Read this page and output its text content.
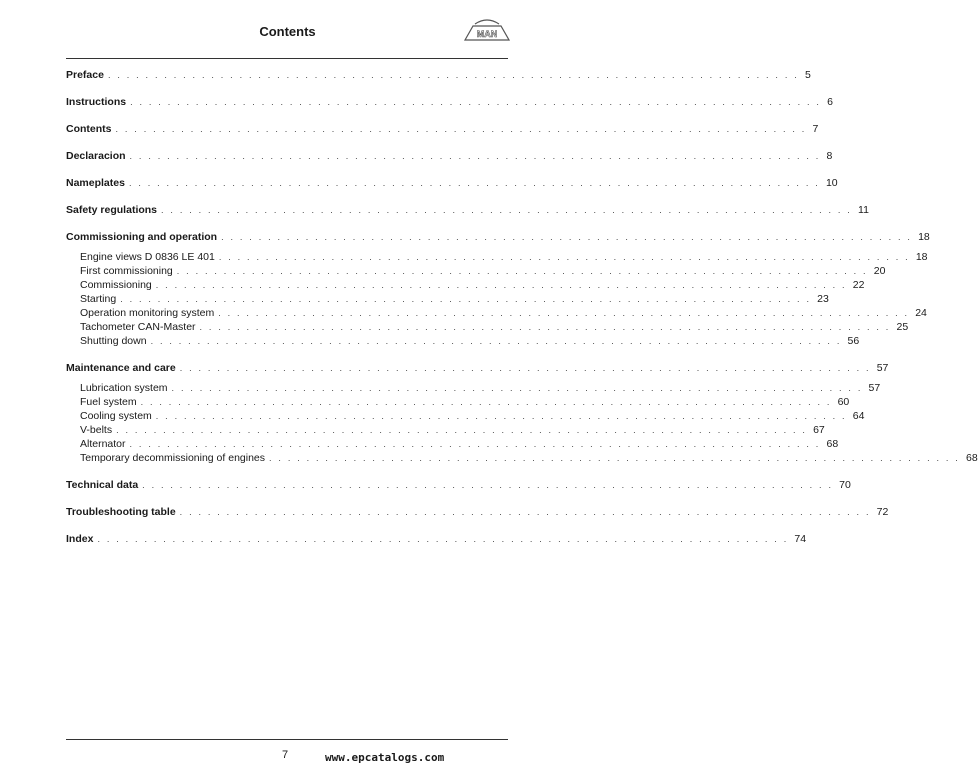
Contents	MAN
Preface . . . . . . . . . . . . . . . . . . . . . . . . . . . . . . . . . . . . . . . . . . . . . . . . . . . . . . . . . . . . . . . . . . . . . . . . . . 5
Instructions . . . . . . . . . . . . . . . . . . . . . . . . . . . . . . . . . . . . . . . . . . . . . . . . . . . . . . . . . . . . . . . . . . . . . . . . . . 6
Contents . . . . . . . . . . . . . . . . . . . . . . . . . . . . . . . . . . . . . . . . . . . . . . . . . . . . . . . . . . . . . . . . . . . . . . . . . . 7
Declaracion . . . . . . . . . . . . . . . . . . . . . . . . . . . . . . . . . . . . . . . . . . . . . . . . . . . . . . . . . . . . . . . . . . . . . . . . . . 8
Nameplates . . . . . . . . . . . . . . . . . . . . . . . . . . . . . . . . . . . . . . . . . . . . . . . . . . . . . . . . . . . . . . . . . . . . . . . . . . 10
Safety regulations . . . . . . . . . . . . . . . . . . . . . . . . . . . . . . . . . . . . . . . . . . . . . . . . . . . . . . . . . . . . . . . . . . . . . . . . . . 11
Commissioning and operation . . . . . . . . . . . . . . . . . . . . . . . . . . . . . . . . . . . . . . . . . . . . . . . . . . . . . . . . . . . . . . . . . . . . . . . . . . 18
Engine views D 0836 LE 401 . . . . . . . . . . . . . . . . . . . . . . . . . . . . . . . . . . . . . . . . . . . . . . . . . . . . . . . . . . . . . . . . . . . . . . . . . . 18
First commissioning . . . . . . . . . . . . . . . . . . . . . . . . . . . . . . . . . . . . . . . . . . . . . . . . . . . . . . . . . . . . . . . . . . . . . . . . . . 20
Commissioning . . . . . . . . . . . . . . . . . . . . . . . . . . . . . . . . . . . . . . . . . . . . . . . . . . . . . . . . . . . . . . . . . . . . . . . . . . 22
Starting . . . . . . . . . . . . . . . . . . . . . . . . . . . . . . . . . . . . . . . . . . . . . . . . . . . . . . . . . . . . . . . . . . . . . . . . . . 23
Operation monitoring system . . . . . . . . . . . . . . . . . . . . . . . . . . . . . . . . . . . . . . . . . . . . . . . . . . . . . . . . . . . . . . . . . . . . . . . . . . 24
Tachometer CAN-Master . . . . . . . . . . . . . . . . . . . . . . . . . . . . . . . . . . . . . . . . . . . . . . . . . . . . . . . . . . . . . . . . . . . . . . . . . . 25
Shutting down . . . . . . . . . . . . . . . . . . . . . . . . . . . . . . . . . . . . . . . . . . . . . . . . . . . . . . . . . . . . . . . . . . . . . . . . . . 56
Maintenance and care . . . . . . . . . . . . . . . . . . . . . . . . . . . . . . . . . . . . . . . . . . . . . . . . . . . . . . . . . . . . . . . . . . . . . . . . . . 57
Lubrication system . . . . . . . . . . . . . . . . . . . . . . . . . . . . . . . . . . . . . . . . . . . . . . . . . . . . . . . . . . . . . . . . . . . . . . . . . . 57
Fuel system . . . . . . . . . . . . . . . . . . . . . . . . . . . . . . . . . . . . . . . . . . . . . . . . . . . . . . . . . . . . . . . . . . . . . . . . . . 60
Cooling system . . . . . . . . . . . . . . . . . . . . . . . . . . . . . . . . . . . . . . . . . . . . . . . . . . . . . . . . . . . . . . . . . . . . . . . . . . 64
V-belts . . . . . . . . . . . . . . . . . . . . . . . . . . . . . . . . . . . . . . . . . . . . . . . . . . . . . . . . . . . . . . . . . . . . . . . . . . 67
Alternator . . . . . . . . . . . . . . . . . . . . . . . . . . . . . . . . . . . . . . . . . . . . . . . . . . . . . . . . . . . . . . . . . . . . . . . . . . 68
Temporary decommissioning of engines . . . . . . . . . . . . . . . . . . . . . . . . . . . . . . . . . . . . . . . . . . . . . . . . . . . . . . . . . . . . . . . . . . . . . . . . . . 68
Technical data . . . . . . . . . . . . . . . . . . . . . . . . . . . . . . . . . . . . . . . . . . . . . . . . . . . . . . . . . . . . . . . . . . . . . . . . . . 70
Troubleshooting table . . . . . . . . . . . . . . . . . . . . . . . . . . . . . . . . . . . . . . . . . . . . . . . . . . . . . . . . . . . . . . . . . . . . . . . . . . 72
Index . . . . . . . . . . . . . . . . . . . . . . . . . . . . . . . . . . . . . . . . . . . . . . . . . . . . . . . . . . . . . . . . . . . . . . . . . . 74
7	www.epcatalogs.com
